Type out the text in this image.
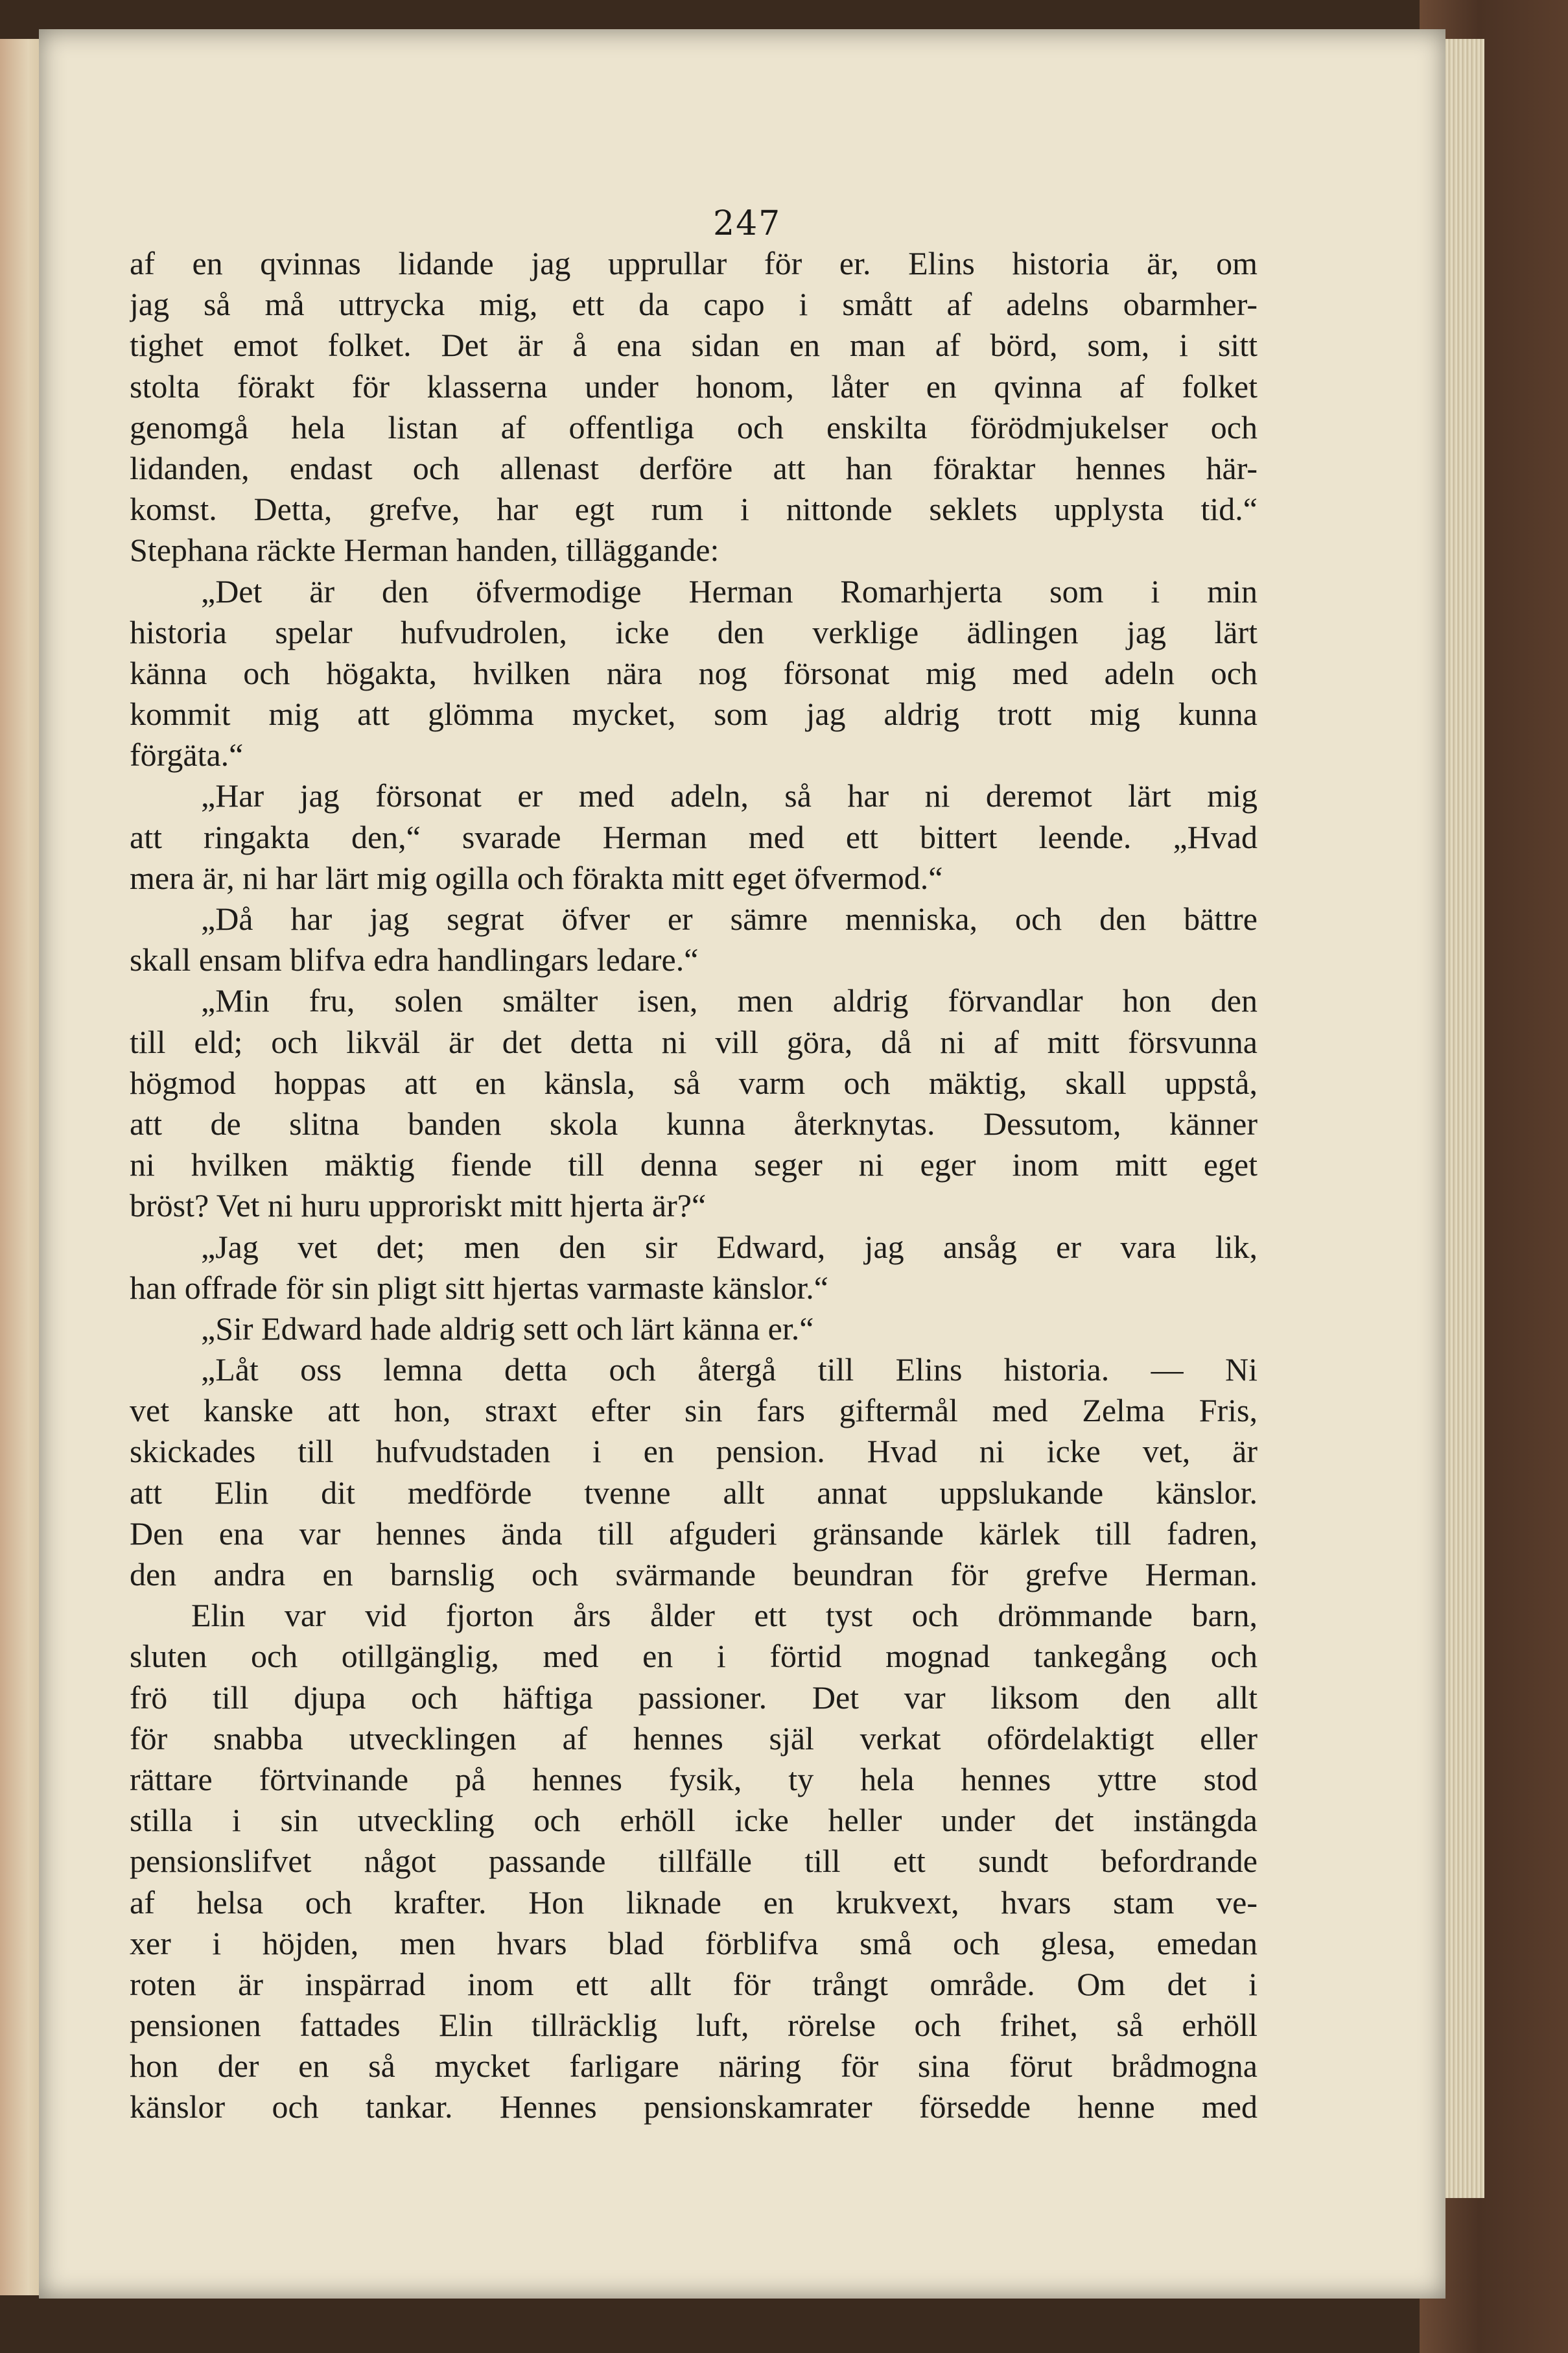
247
af en qvinnas lidande jag upprullar för er. Elins historia är, om
jag så må uttrycka mig, ett da capo i smått af adelns obarmher-
tighet emot folket. Det är å ena sidan en man af börd, som, i sitt
stolta förakt för klasserna under honom, låter en qvinna af folket
genomgå hela listan af offentliga och enskilta förödmjukelser och
lidanden, endast och allenast derföre att han föraktar hennes här-
komst. Detta, grefve, har egt rum i nittonde seklets upplysta tid.“
Stephana räckte Herman handen, tilläggande:
„Det är den öfvermodige Herman Romarhjerta som i min
historia spelar hufvudrolen, icke den verklige ädlingen jag lärt
känna och högakta, hvilken nära nog försonat mig med adeln och
kommit mig att glömma mycket, som jag aldrig trott mig kunna
förgäta.“
„Har jag försonat er med adeln, så har ni deremot lärt mig
att ringakta den,“ svarade Herman med ett bittert leende. „Hvad
mera är, ni har lärt mig ogilla och förakta mitt eget öfvermod.“
„Då har jag segrat öfver er sämre menniska, och den bättre
skall ensam blifva edra handlingars ledare.“
„Min fru, solen smälter isen, men aldrig förvandlar hon den
till eld; och likväl är det detta ni vill göra, då ni af mitt försvunna
högmod hoppas att en känsla, så varm och mäktig, skall uppstå,
att de slitna banden skola kunna återknytas. Dessutom, känner
ni hvilken mäktig fiende till denna seger ni eger inom mitt eget
bröst? Vet ni huru upproriskt mitt hjerta är?“
„Jag vet det; men den sir Edward, jag ansåg er vara lik,
han offrade för sin pligt sitt hjertas varmaste känslor.“
„Sir Edward hade aldrig sett och lärt känna er.“
„Låt oss lemna detta och återgå till Elins historia. — Ni
vet kanske att hon, straxt efter sin fars giftermål med Zelma Fris,
skickades till hufvudstaden i en pension. Hvad ni icke vet, är
att Elin dit medförde tvenne allt annat uppslukande känslor.
Den ena var hennes ända till afguderi gränsande kärlek till fadren,
den andra en barnslig och svärmande beundran för grefve Herman.
Elin var vid fjorton års ålder ett tyst och drömmande barn,
sluten och otillgänglig, med en i förtid mognad tankegång och
frö till djupa och häftiga passioner. Det var liksom den allt
för snabba utvecklingen af hennes själ verkat ofördelaktigt eller
rättare förtvinande på hennes fysik, ty hela hennes yttre stod
stilla i sin utveckling och erhöll icke heller under det instängda
pensionslifvet något passande tillfälle till ett sundt befordrande
af helsa och krafter. Hon liknade en krukvext, hvars stam ve-
xer i höjden, men hvars blad förblifva små och glesa, emedan
roten är inspärrad inom ett allt för trångt område. Om det i
pensionen fattades Elin tillräcklig luft, rörelse och frihet, så erhöll
hon der en så mycket farligare näring för sina förut brådmogna
känslor och tankar. Hennes pensionskamrater försedde henne med
